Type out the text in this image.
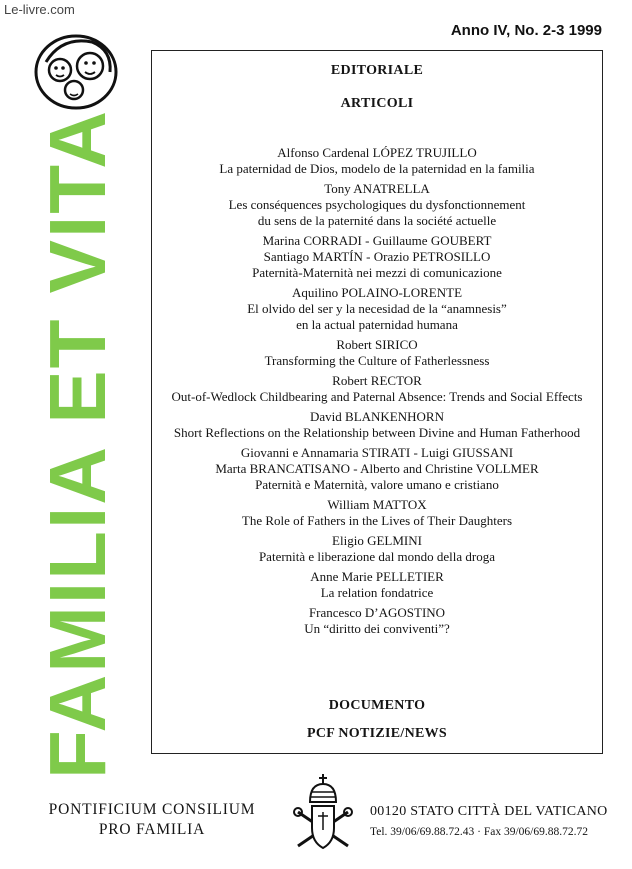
Le-livre.com
Anno IV, No. 2-3 1999
FAMILIA ET VITA
EDITORIALE
ARTICOLI
Alfonso Cardenal LÓPEZ TRUJILLO
La paternidad de Dios, modelo de la paternidad en la familia
Tony ANATRELLA
Les conséquences psychologiques du dysfonctionnement
du sens de la paternité dans la société actuelle
Marina CORRADI - Guillaume GOUBERT
Santiago MARTÍN - Orazio PETROSILLO
Paternità-Maternità nei mezzi di comunicazione
Aquilino POLAINO-LORENTE
El olvido del ser y la necesidad de la “anamnesis”
en la actual paternidad humana
Robert SIRICO
Transforming the Culture of Fatherlessness
Robert RECTOR
Out-of-Wedlock Childbearing and Paternal Absence: Trends and Social Effects
David BLANKENHORN
Short Reflections on the Relationship between Divine and Human Fatherhood
Giovanni e Annamaria STIRATI - Luigi GIUSSANI
Marta BRANCATISANO - Alberto and Christine VOLLMER
Paternità e Maternità, valore umano e cristiano
William MATTOX
The Role of Fathers in the Lives of Their Daughters
Eligio GELMINI
Paternità e liberazione dal mondo della droga
Anne Marie PELLETIER
La relation fondatrice
Francesco D’AGOSTINO
Un “diritto dei conviventi”?
DOCUMENTO
PCF NOTIZIE/NEWS
PONTIFICIUM CONSILIUM
PRO FAMILIA
00120 STATO CITTÀ DEL VATICANO
Tel. 39/06/69.88.72.43 · Fax 39/06/69.88.72.72
